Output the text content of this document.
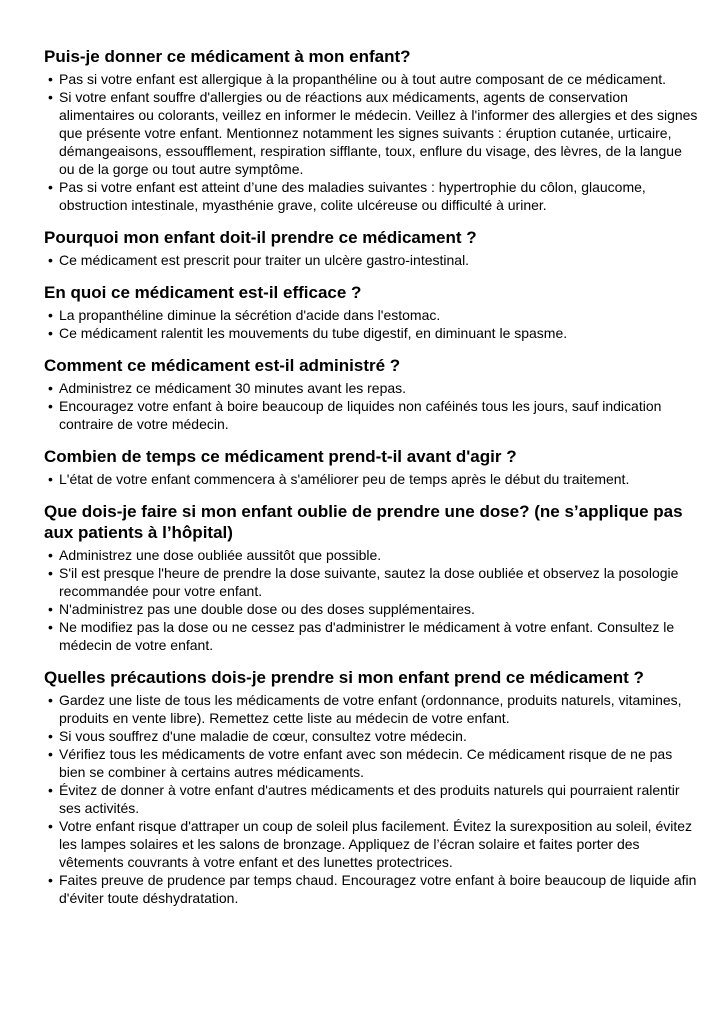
Puis-je donner ce médicament à mon enfant?
• Pas si votre enfant est allergique à la propanthéline ou à tout autre composant de ce médicament.
• Si votre enfant souffre d'allergies ou de réactions aux médicaments, agents de conservation alimentaires ou colorants, veillez en informer le médecin. Veillez à l'informer des allergies et des signes que présente votre enfant. Mentionnez notamment les signes suivants : éruption cutanée, urticaire, démangeaisons, essoufflement, respiration sifflante, toux, enflure du visage, des lèvres, de la langue ou de la gorge ou tout autre symptôme.
• Pas si votre enfant est atteint d’une des maladies suivantes : hypertrophie du côlon, glaucome, obstruction intestinale, myasthénie grave, colite ulcéreuse ou difficulté à uriner.
Pourquoi mon enfant doit-il prendre ce médicament ?
• Ce médicament est prescrit pour traiter un ulcère gastro-intestinal.
En quoi ce médicament est-il efficace ?
• La propanthéline diminue la sécrétion d'acide dans l'estomac.
• Ce médicament ralentit les mouvements du tube digestif, en diminuant le spasme.
Comment ce médicament est-il administré ?
• Administrez ce médicament 30 minutes avant les repas.
• Encouragez votre enfant à boire beaucoup de liquides non caféinés tous les jours, sauf indication contraire de votre médecin.
Combien de temps ce médicament prend-t-il avant d'agir ?
• L'état de votre enfant commencera à s'améliorer peu de temps après le début du traitement.
Que dois-je faire si mon enfant oublie de prendre une dose? (ne s’applique pas aux patients à l’hôpital)
• Administrez une dose oubliée aussitôt que possible.
• S'il est presque l'heure de prendre la dose suivante, sautez la dose oubliée et observez la posologie recommandée pour votre enfant.
• N'administrez pas une double dose ou des doses supplémentaires.
• Ne modifiez pas la dose ou ne cessez pas d'administrer le médicament à votre enfant. Consultez le médecin de votre enfant.
Quelles précautions dois-je prendre si mon enfant prend ce médicament ?
• Gardez une liste de tous les médicaments de votre enfant (ordonnance, produits naturels, vitamines, produits en vente libre). Remettez cette liste au médecin de votre enfant.
• Si vous souffrez d'une maladie de cœur, consultez votre médecin.
• Vérifiez tous les médicaments de votre enfant avec son médecin. Ce médicament risque de ne pas bien se combiner à certains autres médicaments.
• Évitez de donner à votre enfant d'autres médicaments et des produits naturels qui pourraient ralentir ses activités.
• Votre enfant risque d'attraper un coup de soleil plus facilement. Évitez la surexposition au soleil, évitez les lampes solaires et les salons de bronzage. Appliquez de l’écran solaire et faites porter des vêtements couvrants à votre enfant et des lunettes protectrices.
• Faites preuve de prudence par temps chaud. Encouragez votre enfant à boire beaucoup de liquide afin d'éviter toute déshydratation.
